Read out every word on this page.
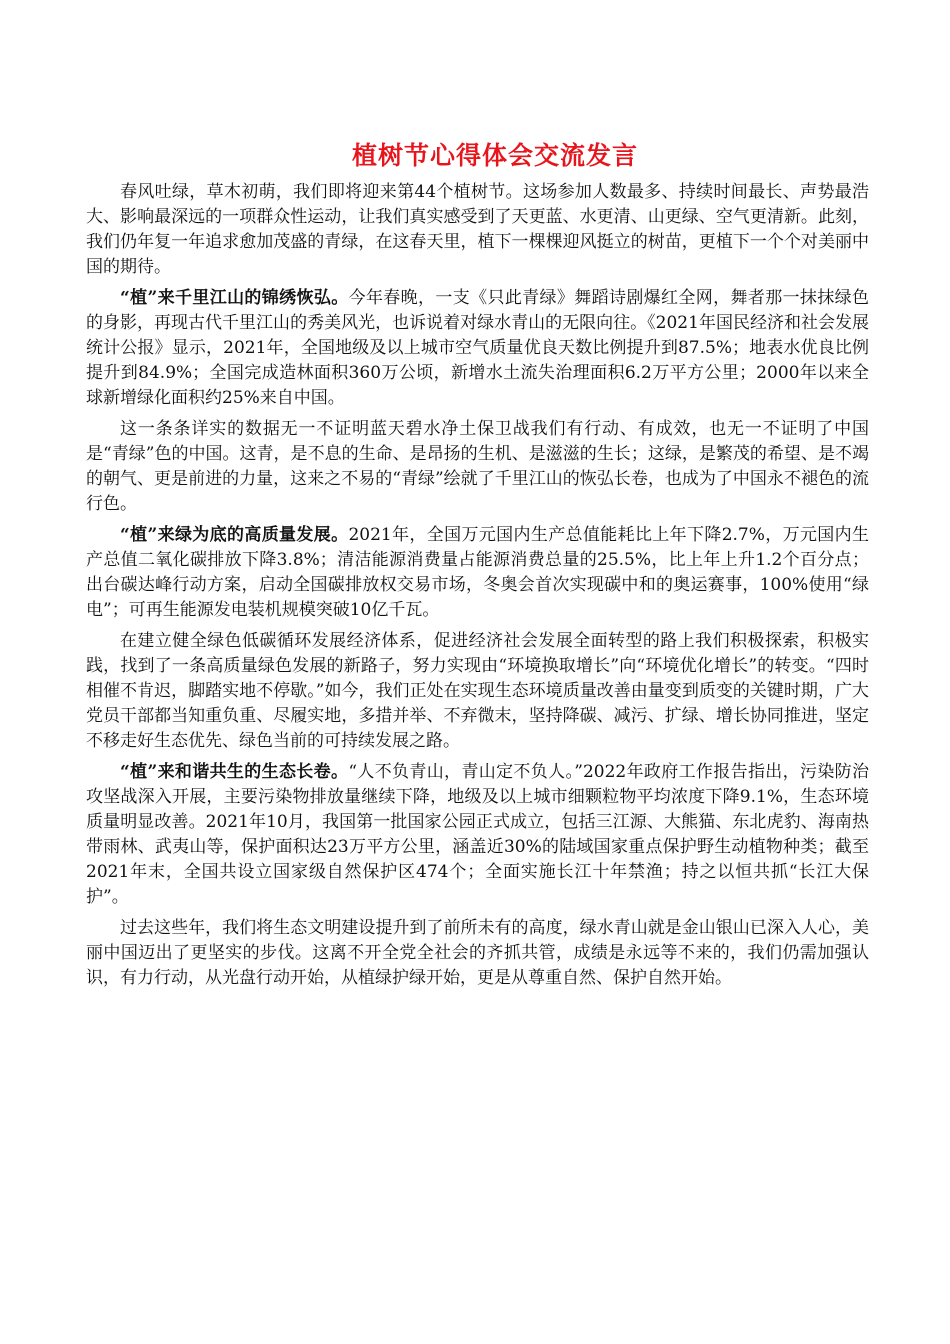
植树节心得体会交流发言

春风吐绿，草木初萌，我们即将迎来第44个植树节。这场参加人数最多、持续时间最长、声势最浩大、影响最深远的一项群众性运动，让我们真实感受到了天更蓝、水更清、山更绿、空气更清新。此刻，我们仍年复一年追求愈加茂盛的青绿，在这春天里，植下一棵棵迎风挺立的树苗，更植下一个个对美丽中国的期待。

“植”来千里江山的锦绣恢弘。今年春晚，一支《只此青绿》舞蹈诗剧爆红全网，舞者那一抹抹绿色的身影，再现古代千里江山的秀美风光，也诉说着对绿水青山的无限向往。《2021年国民经济和社会发展统计公报》显示，2021年，全国地级及以上城市空气质量优良天数比例提升到87.5%；地表水优良比例提升到84.9%；全国完成造林面积360万公顷，新增水土流失治理面积6.2万平方公里；2000年以来全球新增绿化面积约25%来自中国。

这一条条详实的数据无一不证明蓝天碧水净土保卫战我们有行动、有成效，也无一不证明了中国是“青绿”色的中国。这青，是不息的生命、是昂扬的生机、是滋滋的生长；这绿，是繁茂的希望、是不竭的朝气、更是前进的力量，这来之不易的“青绿”绘就了千里江山的恢弘长卷，也成为了中国永不褪色的流行色。

“植”来绿为底的高质量发展。2021年，全国万元国内生产总值能耗比上年下降2.7%，万元国内生产总值二氧化碳排放下降3.8%；清洁能源消费量占能源消费总量的25.5%，比上年上升1.2个百分点；出台碳达峰行动方案，启动全国碳排放权交易市场，冬奥会首次实现碳中和的奥运赛事，100%使用“绿电”；可再生能源发电装机规模突破10亿千瓦。

在建立健全绿色低碳循环发展经济体系，促进经济社会发展全面转型的路上我们积极探索，积极实践，找到了一条高质量绿色发展的新路子，努力实现由“环境换取增长”向“环境优化增长”的转变。“四时相催不肯迟，脚踏实地不停歇。”如今，我们正处在实现生态环境质量改善由量变到质变的关键时期，广大党员干部都当知重负重、尽履实地，多措并举、不弃微末，坚持降碳、减污、扩绿、增长协同推进，坚定不移走好生态优先、绿色当前的可持续发展之路。

“植”来和谐共生的生态长卷。“人不负青山，青山定不负人。”2022年政府工作报告指出，污染防治攻坚战深入开展，主要污染物排放量继续下降，地级及以上城市细颗粒物平均浓度下降9.1%，生态环境质量明显改善。2021年10月，我国第一批国家公园正式成立，包括三江源、大熊猫、东北虎豹、海南热带雨林、武夷山等，保护面积达23万平方公里，涵盖近30%的陆域国家重点保护野生动植物种类；截至2021年末，全国共设立国家级自然保护区474个；全面实施长江十年禁渔；持之以恒共抓“长江大保护”。

过去这些年，我们将生态文明建设提升到了前所未有的高度，绿水青山就是金山银山已深入人心，美丽中国迈出了更坚实的步伐。这离不开全党全社会的齐抓共管，成绩是永远等不来的，我们仍需加强认识，有力行动，从光盘行动开始，从植绿护绿开始，更是从尊重自然、保护自然开始。
